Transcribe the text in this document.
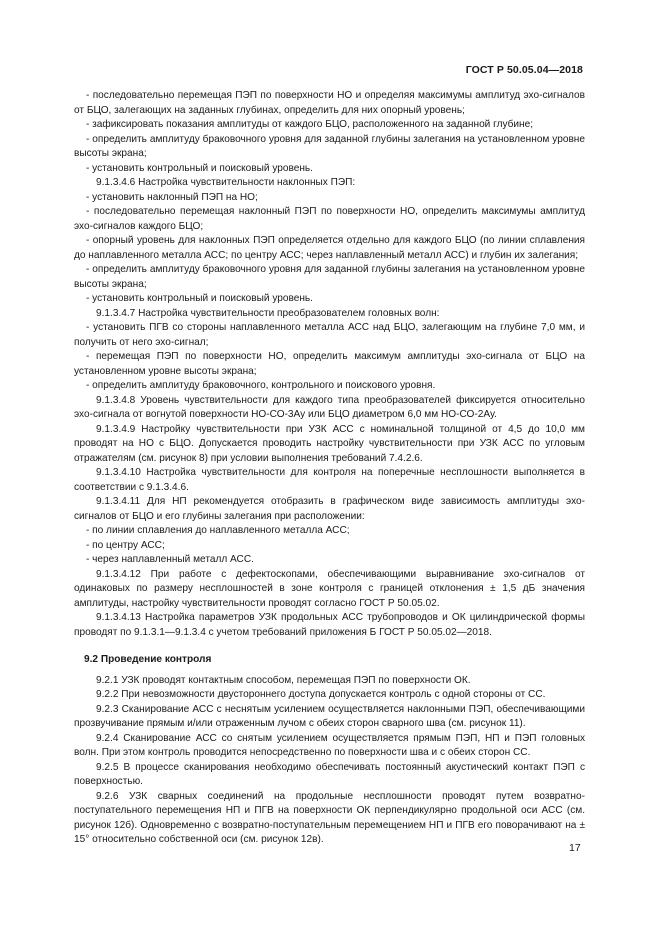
ГОСТ Р 50.05.04—2018

- последовательно перемещая ПЭП по поверхности НО и определяя максимумы амплитуд эхо-сигналов от БЦО, залегающих на заданных глубинах, определить для них опорный уровень;

- зафиксировать показания амплитуды от каждого БЦО, расположенного на заданной глубине;

- определить амплитуду браковочного уровня для заданной глубины залегания на установленном уровне высоты экрана;

- установить контрольный и поисковый уровень.

9.1.3.4.6 Настройка чувствительности наклонных ПЭП:

- установить наклонный ПЭП на НО;

- последовательно перемещая наклонный ПЭП по поверхности НО, определить максимумы амплитуд эхо-сигналов каждого БЦО;

- опорный уровень для наклонных ПЭП определяется отдельно для каждого БЦО (по линии сплавления до наплавленного металла АСС; по центру АСС; через наплавленный металл АСС) и глубин их залегания;

- определить амплитуду браковочного уровня для заданной глубины залегания на установленном уровне высоты экрана;

- установить контрольный и поисковый уровень.

9.1.3.4.7 Настройка чувствительности преобразователем головных волн:

- установить ПГВ со стороны наплавленного металла АСС над БЦО, залегающим на глубине 7,0 мм, и получить от него эхо-сигнал;

- перемещая ПЭП по поверхности НО, определить максимум амплитуды эхо-сигнала от БЦО на установленном уровне высоты экрана;

- определить амплитуду браковочного, контрольного и поискового уровня.

9.1.3.4.8 Уровень чувствительности для каждого типа преобразователей фиксируется относительно эхо-сигнала от вогнутой поверхности НО-СО-3Ау или БЦО диаметром 6,0 мм НО-СО-2Ау.

9.1.3.4.9 Настройку чувствительности при УЗК АСС с номинальной толщиной от 4,5 до 10,0 мм проводят на НО с БЦО. Допускается проводить настройку чувствительности при УЗК АСС по угловым отражателям (см. рисунок 8) при условии выполнения требований 7.4.2.6.

9.1.3.4.10 Настройка чувствительности для контроля на поперечные несплошности выполняется в соответствии с 9.1.3.4.6.

9.1.3.4.11 Для НП рекомендуется отобразить в графическом виде зависимость амплитуды эхо-сигналов от БЦО и его глубины залегания при расположении:

- по линии сплавления до наплавленного металла АСС;

- по центру АСС;

- через наплавленный металл АСС.

9.1.3.4.12 При работе с дефектоскопами, обеспечивающими выравнивание эхо-сигналов от одинаковых по размеру несплошностей в зоне контроля с границей отклонения ± 1,5 дБ значения амплитуды, настройку чувствительности проводят согласно ГОСТ Р 50.05.02.

9.1.3.4.13 Настройка параметров УЗК продольных АСС трубопроводов и ОК цилиндрической формы проводят по 9.1.3.1—9.1.3.4 с учетом требований приложения Б ГОСТ Р 50.05.02—2018.

9.2 Проведение контроля

9.2.1 УЗК проводят контактным способом, перемещая ПЭП по поверхности ОК.

9.2.2 При невозможности двустороннего доступа допускается контроль с одной стороны от СС.

9.2.3 Сканирование АСС с неснятым усилением осуществляется наклонными ПЭП, обеспечивающими прозвучивание прямым и/или отраженным лучом с обеих сторон сварного шва (см. рисунок 11).

9.2.4 Сканирование АСС со снятым усилением осуществляется прямым ПЭП, НП и ПЭП головных волн. При этом контроль проводится непосредственно по поверхности шва и с обеих сторон СС.

9.2.5 В процессе сканирования необходимо обеспечивать постоянный акустический контакт ПЭП с поверхностью.

9.2.6 УЗК сварных соединений на продольные несплошности проводят путем возвратно-поступательного перемещения НП и ПГВ на поверхности ОК перпендикулярно продольной оси АСС (см. рисунок 12б). Одновременно с возвратно-поступательным перемещением НП и ПГВ его поворачивают на ± 15° относительно собственной оси (см. рисунок 12в).

17
